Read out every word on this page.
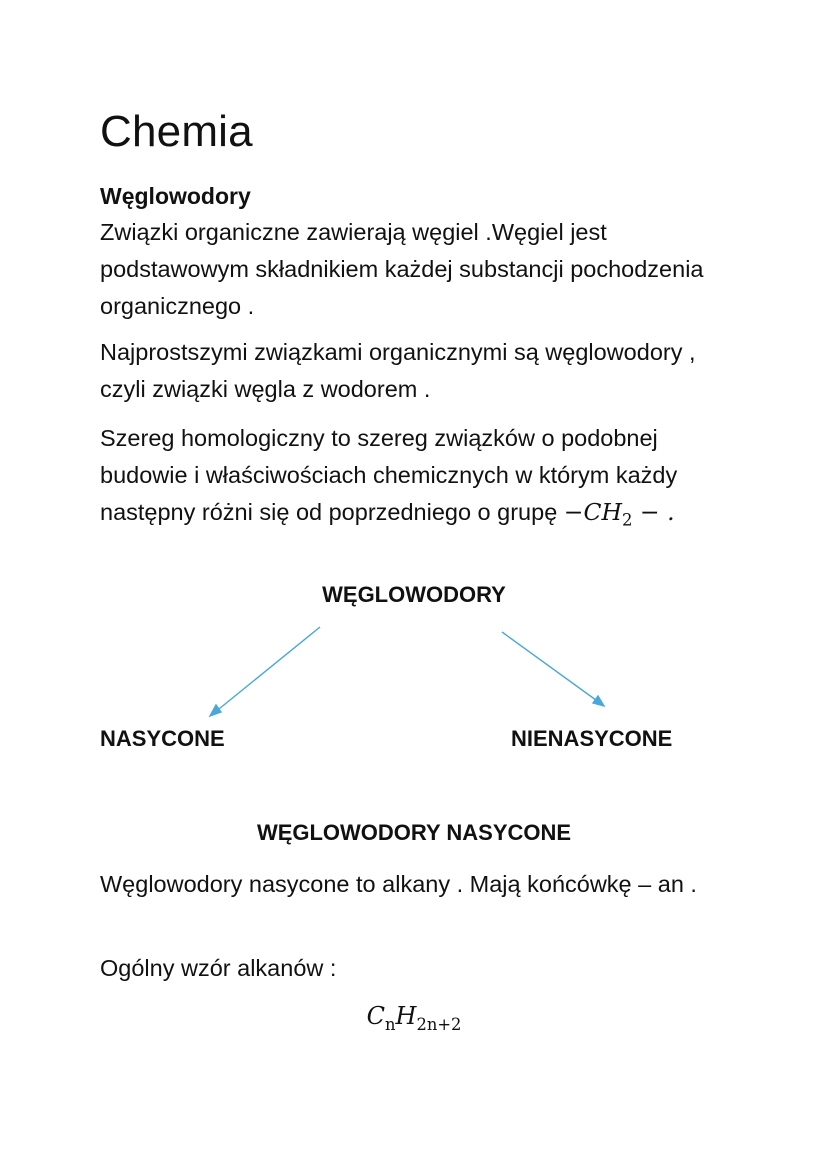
Chemia
Węglowodory

Związki organiczne zawierają węgiel .Węgiel jest podstawowym składnikiem każdej substancji pochodzenia organicznego .

Najprostszymi związkami organicznymi są węglowodory , czyli związki węgla z wodorem .

Szereg homologiczny to szereg związków o podobnej budowie i właściwościach chemicznych w którym każdy następny różni się od poprzedniego o grupę $-CH_2$ − .

WĘGLOWODORY
NASYCONE	NIENASYCONE
WĘGLOWODORY NASYCONE

Węglowodory nasycone to alkany . Mają końcówkę – an .

Ogólny wzór alkanów :

$C_nH_{2n+2}$
